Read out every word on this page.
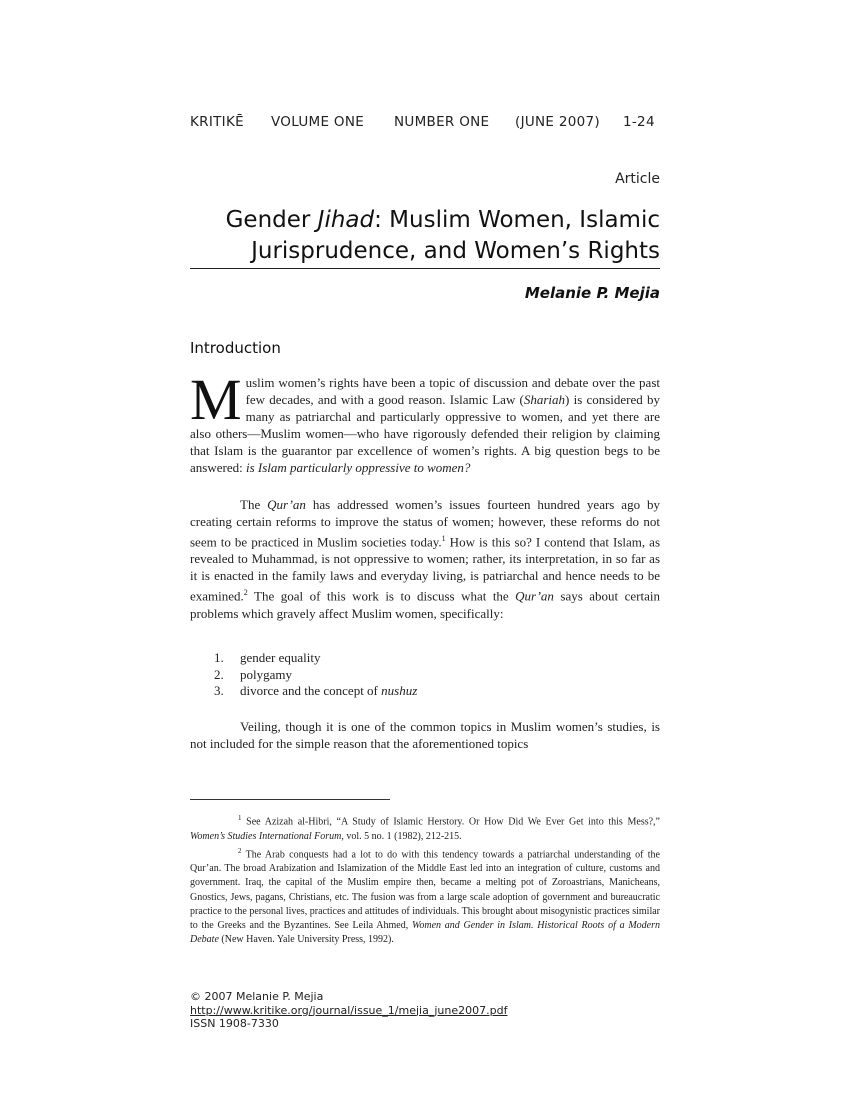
KRITIKĒ VOLUME ONE NUMBER ONE (JUNE 2007) 1-24
Article
Gender Jihad: Muslim Women, Islamic
Jurisprudence, and Women’s Rights
Melanie P. Mejia
Introduction
Muslim women’s rights have been a topic of discussion and debate over the past few decades, and with a good reason. Islamic Law (Shariah) is considered by many as patriarchal and particularly oppressive to women, and yet there are also others—Muslim women—who have rigorously defended their religion by claiming that Islam is the guarantor par excellence of women’s rights. A big question begs to be answered: is Islam particularly oppressive to women?
The Qur’an has addressed women’s issues fourteen hundred years ago by creating certain reforms to improve the status of women; however, these reforms do not seem to be practiced in Muslim societies today.$^1$ How is this so? I contend that Islam, as revealed to Muhammad, is not oppressive to women; rather, its interpretation, in so far as it is enacted in the family laws and everyday living, is patriarchal and hence needs to be examined.$^2$ The goal of this work is to discuss what the Qur’an says about certain problems which gravely affect Muslim women, specifically:
1. gender equality
2. polygamy
3. divorce and the concept of nushuz
Veiling, though it is one of the common topics in Muslim women’s studies, is not included for the simple reason that the aforementioned topics

$^1$ See Azizah al-Hibri, “A Study of Islamic Herstory. Or How Did We Ever Get into this Mess?,” Women’s Studies International Forum, vol. 5 no. 1 (1982), 212-215.

$^2$ The Arab conquests had a lot to do with this tendency towards a patriarchal understanding of the Qur’an. The broad Arabization and Islamization of the Middle East led into an integration of culture, customs and government. Iraq, the capital of the Muslim empire then, became a melting pot of Zoroastrians, Manicheans, Gnostics, Jews, pagans, Christians, etc. The fusion was from a large scale adoption of government and bureaucratic practice to the personal lives, practices and attitudes of individuals. This brought about misogynistic practices similar to the Greeks and the Byzantines. See Leila Ahmed, Women and Gender in Islam. Historical Roots of a Modern Debate (New Haven. Yale University Press, 1992).

© 2007 Melanie P. Mejia
http://www.kritike.org/journal/issue_1/mejia_june2007.pdf
ISSN 1908-7330
